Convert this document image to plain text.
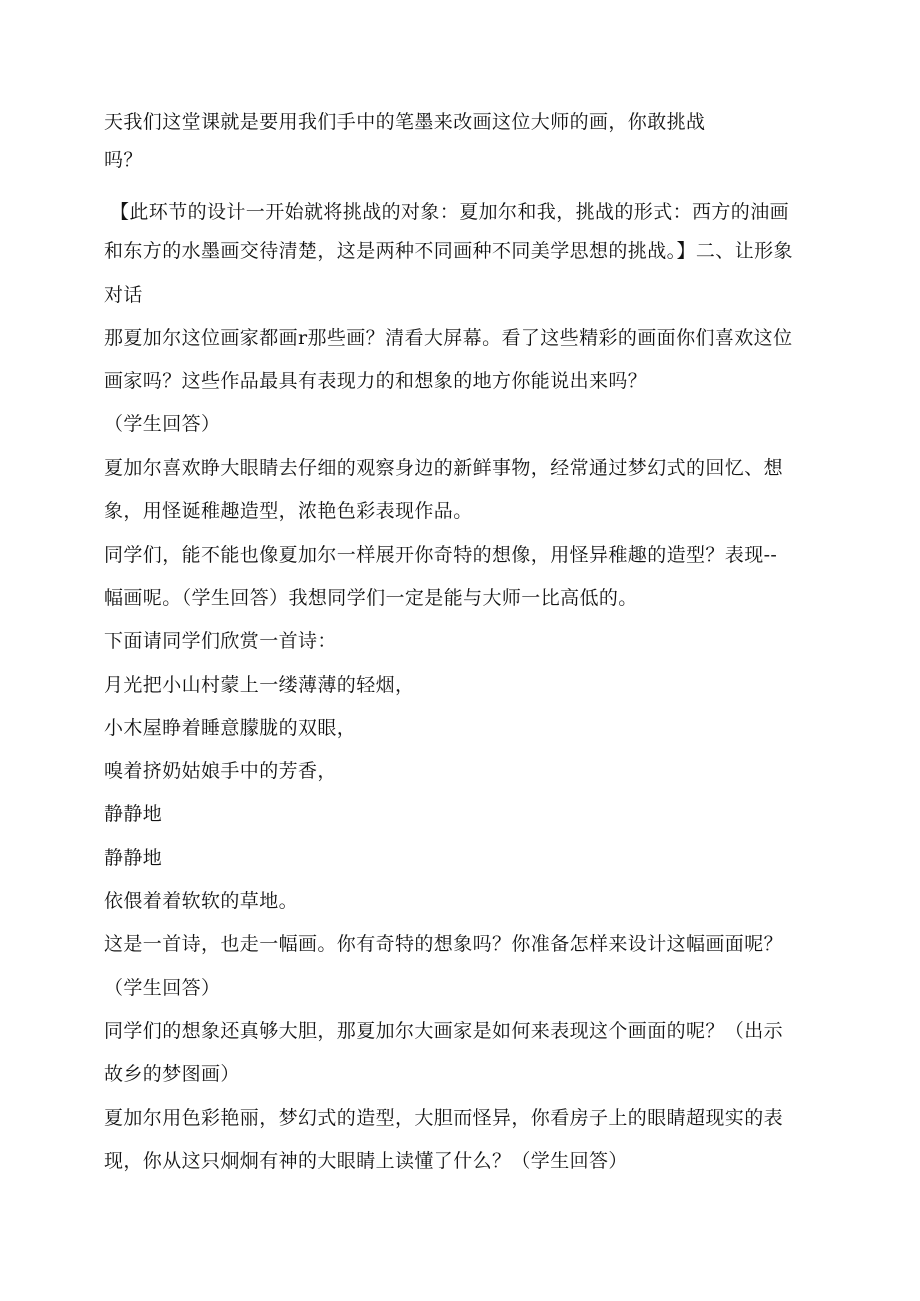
天我们这堂课就是要用我们手中的笔墨来改画这位大师的画，你敢挑战
吗？
【此环节的设计一开始就将挑战的对象：夏加尔和我，挑战的形式：西方的油画
和东方的水墨画交待清楚，这是两种不同画种不同美学思想的挑战。】二、让形象
对话
那夏加尔这位画家都画r那些画？清看大屏幕。看了这些精彩的画面你们喜欢这位
画家吗？这些作品最具有表现力的和想象的地方你能说出来吗？
（学生回答）
夏加尔喜欢睁大眼睛去仔细的观察身边的新鲜事物，经常通过梦幻式的回忆、想
象，用怪诞稚趣造型，浓艳色彩表现作品。
同学们，能不能也像夏加尔一样展开你奇特的想像，用怪异稚趣的造型？表现--
幅画呢。（学生回答）我想同学们一定是能与大师一比高低的。
下面请同学们欣赏一首诗：
月光把小山村蒙上一缕薄薄的轻烟，
小木屋睁着睡意朦胧的双眼，
嗅着挤奶姑娘手中的芳香，
静静地
静静地
依偎着着软软的草地。
这是一首诗，也走一幅画。你有奇特的想象吗？你准备怎样来设计这幅画面呢？
（学生回答）
同学们的想象还真够大胆，那夏加尔大画家是如何来表现这个画面的呢？（出示
故乡的梦图画）
夏加尔用色彩艳丽，梦幻式的造型，大胆而怪异，你看房子上的眼睛超现实的表
现，你从这只炯炯有神的大眼睛上读懂了什么？（学生回答）
